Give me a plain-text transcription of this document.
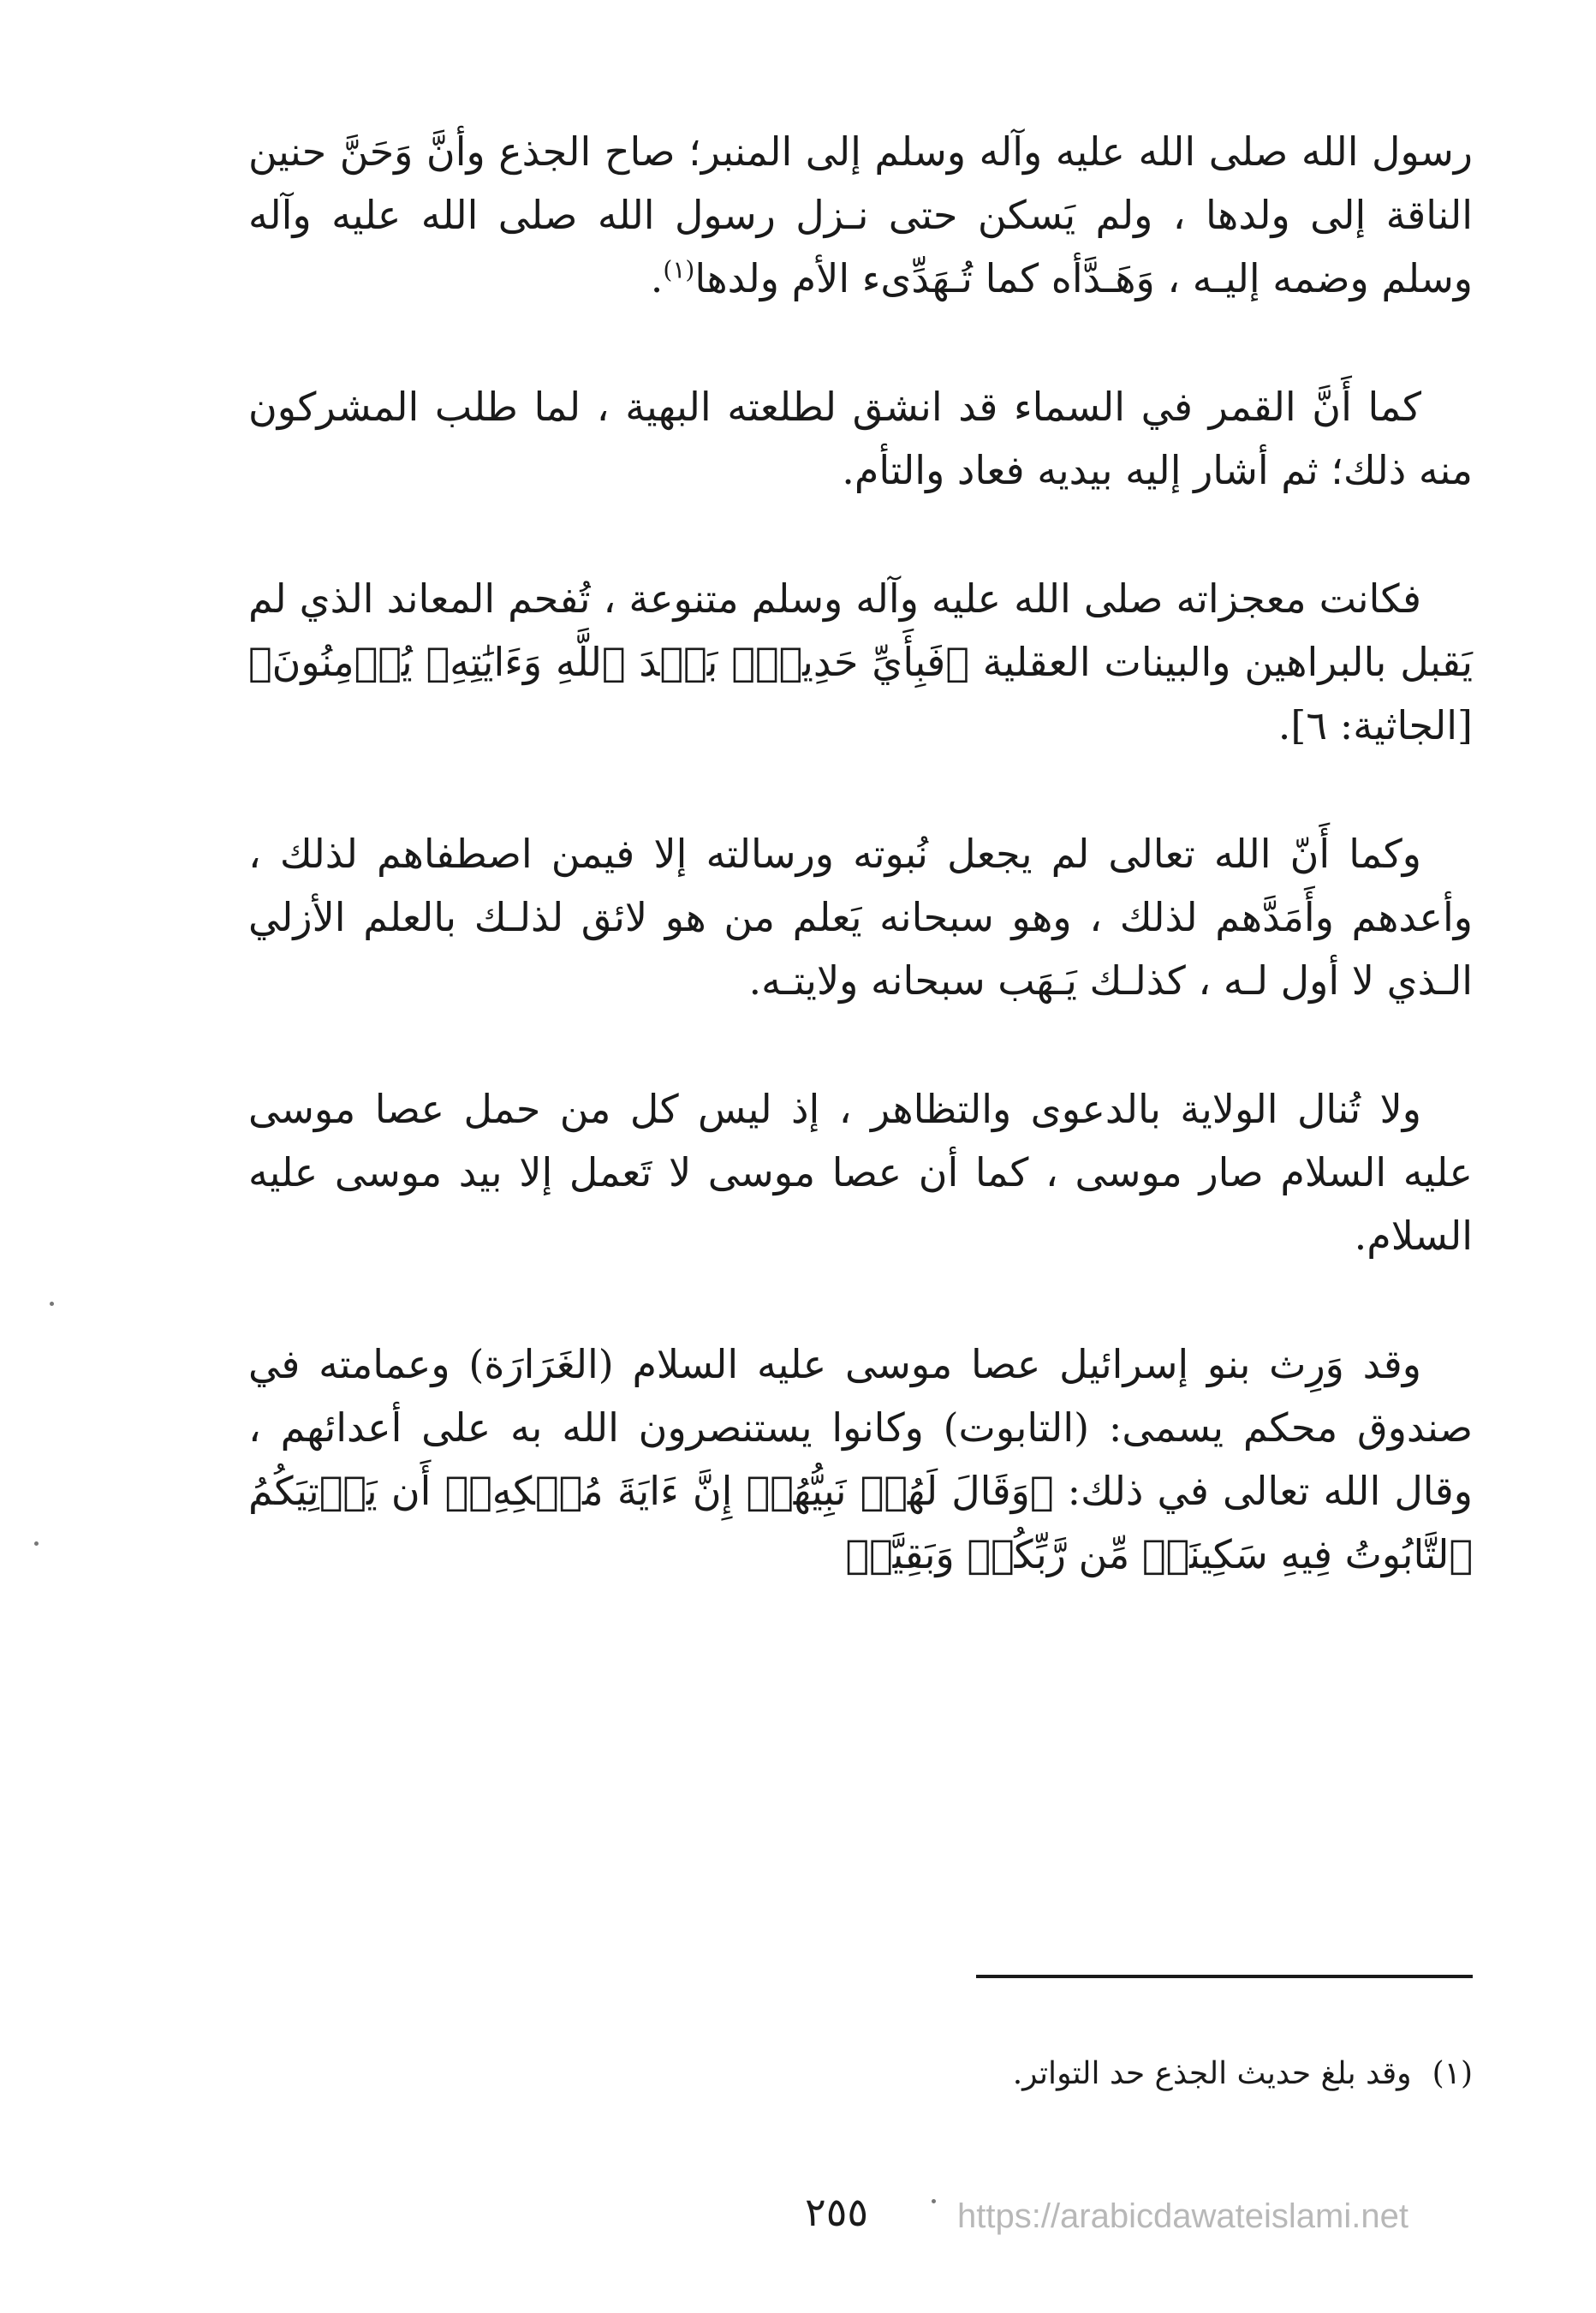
رسول الله صلى الله عليه وآله وسلم إلى المنبر؛ صاح الجذع وأنَّ وَحَنَّ حنين الناقة إلى ولدها ، ولم يَسكن حتى نـزل رسول الله صلى الله عليه وآله وسلم وضمه إليـه ، وَهَـدَّأه كما تُـهَدِّىء الأم ولدها$^{(١)}$.

كما أَنَّ القمر في السماء قد انشق لطلعته البهية ، لما طلب المشركون منه ذلك؛ ثم أشار إليه بيديه فعاد والتأم.

فكانت معجزاته صلى الله عليه وآله وسلم متنوعة ، تُفحم المعاند الذي لم يَقبل بالبراهين والبينات العقلية ﴿فَبِأَيِّ حَدِيثٍۭ بَعۡدَ ٱللَّهِ وَءَايَٰتِهِۦ يُؤۡمِنُونَ﴾ [الجاثية: ٦].

وكما أَنّ الله تعالى لم يجعل نُبوته ورسالته إلا فيمن اصطفاهم لذلك ، وأعدهم وأَمَدَّهم لذلك ، وهو سبحانه يَعلم من هو لائق لذلـك بالعلم الأزلي الـذي لا أول لـه ، كذلـك يَـهَب سبحانه ولايتـه.

ولا تُنال الولاية بالدعوى والتظاهر ، إذ ليس كل من حمل عصا موسى عليه السلام صار موسى ، كما أن عصا موسى لا تَعمل إلا بيد موسى عليه السلام.

وقد وَرِث بنو إسرائيل عصا موسى عليه السلام (الغَرَارَة) وعمامته في صندوق محكم يسمى: (التابوت) وكانوا يستنصرون الله به على أعدائهم ، وقال الله تعالى في ذلك: ﴿وَقَالَ لَهُمۡ نَبِيُّهُمۡ إِنَّ ءَايَةَ مُلۡكِهِۦٓ أَن يَأۡتِيَكُمُ ٱلتَّابُوتُ فِيهِ سَكِينَةٞ مِّن رَّبِّكُمۡ وَبَقِيَّةٞ

(١)وقد بلغ حديث الجذع حد التواتر.
٢٥٥	https://arabicdawateislami.net
